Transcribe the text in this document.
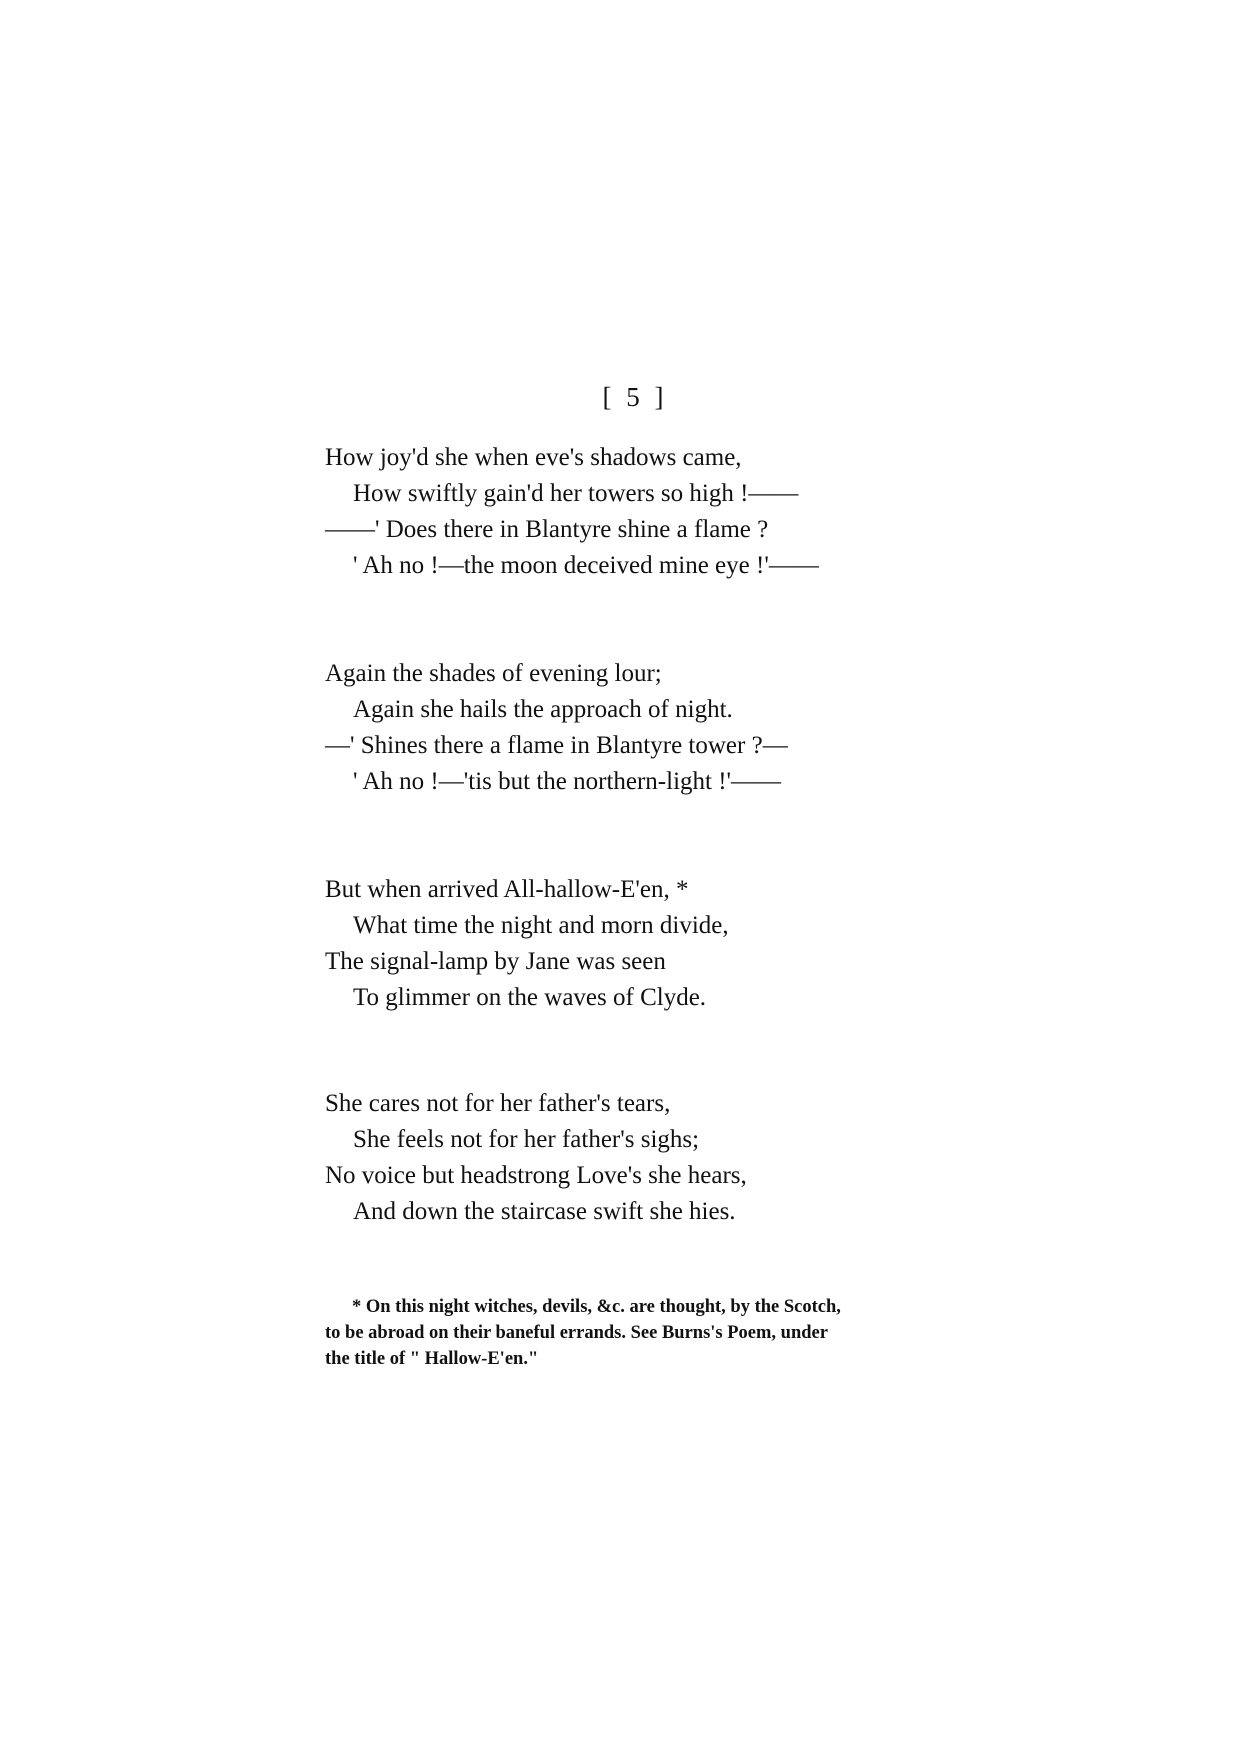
[ 5 ]
How joy'd she when eve's shadows came,
How swiftly gain'd her towers so high !——
——' Does there in Blantyre shine a flame ?
' Ah no !—the moon deceived mine eye !'——
Again the shades of evening lour;
Again she hails the approach of night.
—' Shines there a flame in Blantyre tower ?—
' Ah no !—'tis but the northern-light !'——
But when arrived All-hallow-E'en, *
What time the night and morn divide,
The signal-lamp by Jane was seen
To glimmer on the waves of Clyde.
She cares not for her father's tears,
She feels not for her father's sighs;
No voice but headstrong Love's she hears,
And down the staircase swift she hies.
* On this night witches, devils, &c. are thought, by the Scotch,
to be abroad on their baneful errands. See Burns's Poem, under
the title of " Hallow-E'en."
